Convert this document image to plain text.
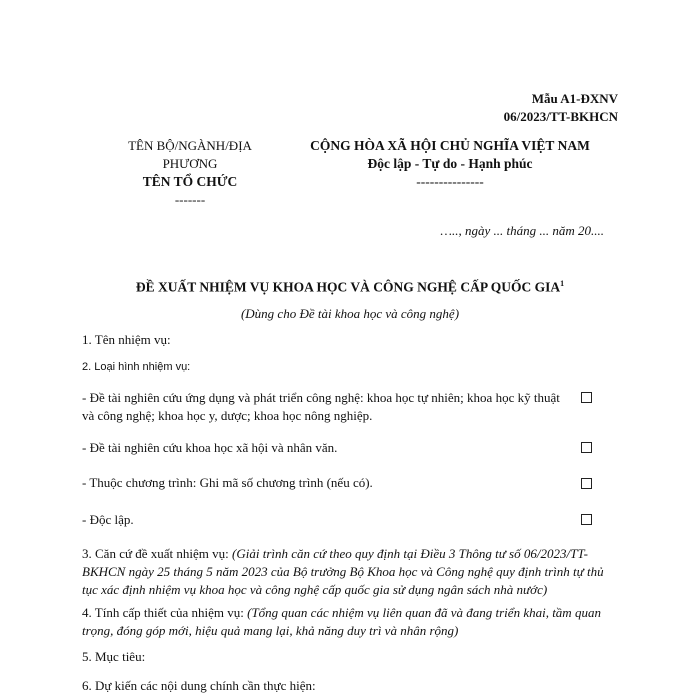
Mẫu A1-ĐXNV
06/2023/TT-BKHCN
TÊN BỘ/NGÀNH/ĐỊA
PHƯƠNG
TÊN TỔ CHỨC
-------
CỘNG HÒA XÃ HỘI CHỦ NGHĨA VIỆT NAM
Độc lập - Tự do - Hạnh phúc
---------------
….., ngày ... tháng ... năm 20....
ĐỀ XUẤT NHIỆM VỤ KHOA HỌC VÀ CÔNG NGHỆ CẤP QUỐC GIA$^1$
(Dùng cho Đề tài khoa học và công nghệ)
1. Tên nhiệm vụ:
2. Loại hình nhiệm vụ:
- Đề tài nghiên cứu ứng dụng và phát triển công nghệ: khoa học tự nhiên; khoa học kỹ thuật và công nghệ; khoa học y, dược; khoa học nông nghiệp.
- Đề tài nghiên cứu khoa học xã hội và nhân văn.
- Thuộc chương trình: Ghi mã số chương trình (nếu có).
- Độc lập.
3. Căn cứ đề xuất nhiệm vụ: (Giải trình căn cứ theo quy định tại Điều 3 Thông tư số 06/2023/TT-BKHCN ngày 25 tháng 5 năm 2023 của Bộ trưởng Bộ Khoa học và Công nghệ quy định trình tự thủ tục xác định nhiệm vụ khoa học và công nghệ cấp quốc gia sử dụng ngân sách nhà nước)
4. Tính cấp thiết của nhiệm vụ: (Tổng quan các nhiệm vụ liên quan đã và đang triển khai, tầm quan trọng, đóng góp mới, hiệu quả mang lại, khả năng duy trì và nhân rộng)
5. Mục tiêu:
6. Dự kiến các nội dung chính cần thực hiện:
